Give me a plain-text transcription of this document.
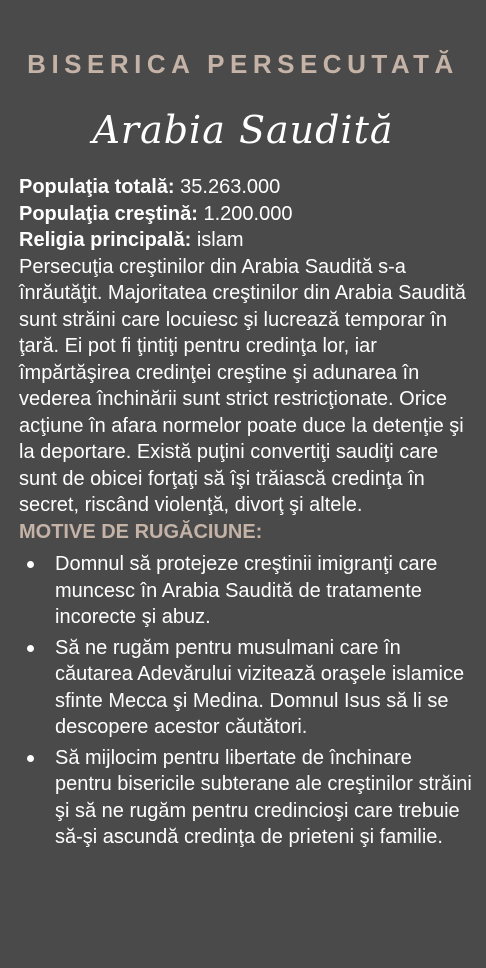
BISERICA PERSECUTATĂ
Arabia Saudită
Populaţia totală: 35.263.000
Populaţia creştină: 1.200.000
Religia principală: islam

Persecuţia creştinilor din Arabia Saudită s-a înrăutăţit. Majoritatea creştinilor din Arabia Saudită sunt străini care locuiesc şi lucrează temporar în ţară. Ei pot fi ţintiţi pentru credinţa lor, iar împărtăşirea credinţei creştine şi adunarea în vederea închinării sunt strict restricţionate. Orice acţiune în afara normelor poate duce la detenţie şi la deportare. Există puţini convertiţi saudiţi care sunt de obicei forţaţi să îşi trăiască credinţa în secret, riscând violenţă, divorţ şi altele.

MOTIVE DE RUGĂCIUNE:
Domnul să protejeze creştinii imigranţi care muncesc în Arabia Saudită de tratamente incorecte şi abuz.
Să ne rugăm pentru musulmani care în căutarea Adevărului vizitează oraşele islamice sfinte Mecca şi Medina. Domnul Isus să li se descopere acestor căutători.
Să mijlocim pentru libertate de închinare pentru bisericile subterane ale creştinilor străini şi să ne rugăm pentru credincioşi care trebuie să-şi ascundă credinţa de prieteni şi familie.
